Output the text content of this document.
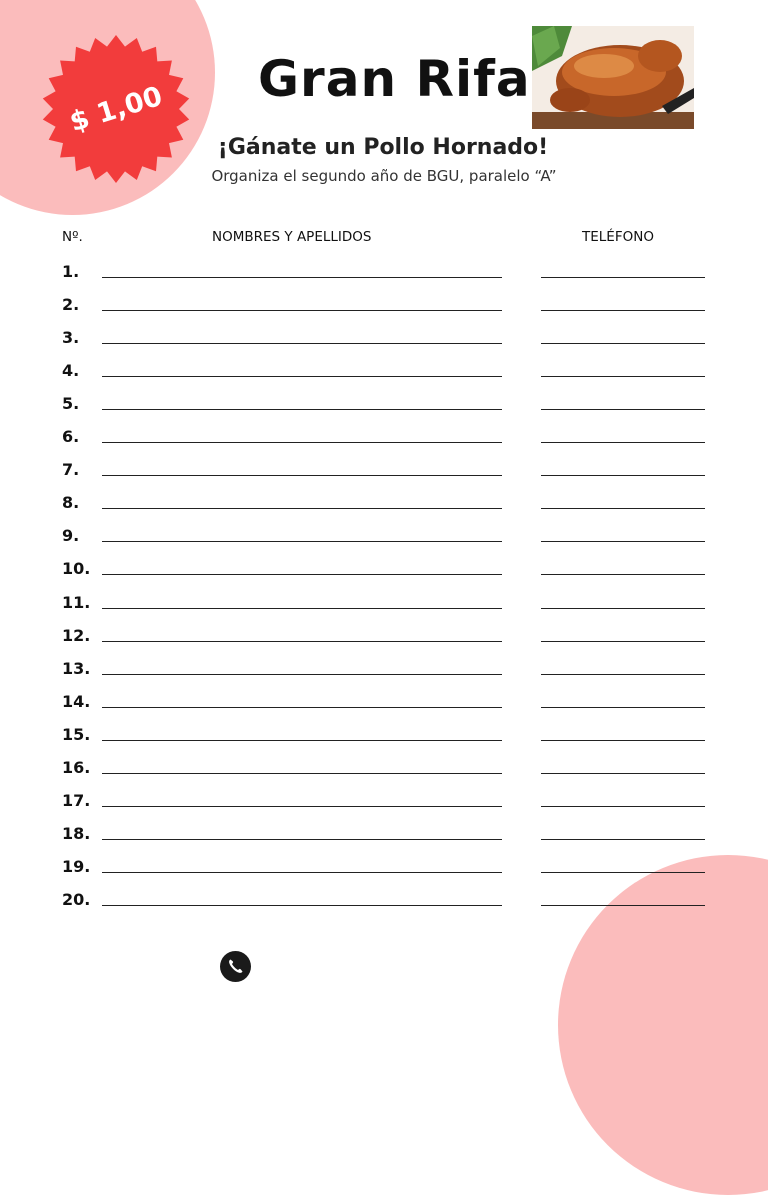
$ 1,00
Gran Rifa
¡Gánate un Pollo Hornado!
Organiza el segundo año de BGU, paralelo “A”
Nº.	NOMBRES Y APELLIDOS	TELÉFONO
1.
2.
3.
4.
5.
6.
7.
8.
9.
10.
11.
12.
13.
14.
15.
16.
17.
18.
19.
20.
